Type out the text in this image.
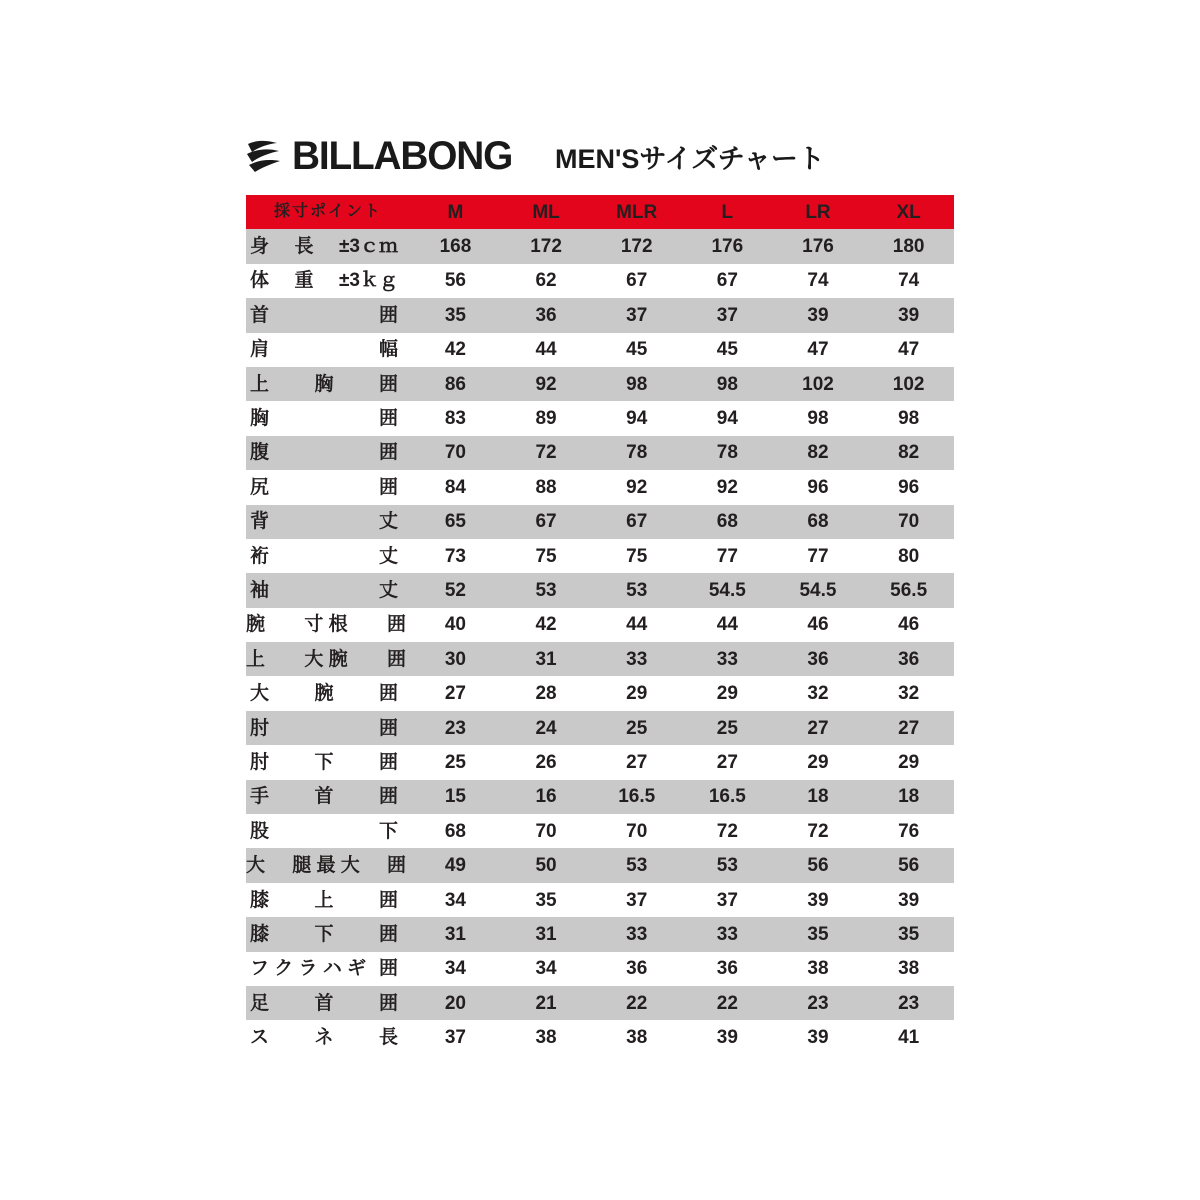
BILLABONG MEN'Sサイズチャート
採寸ポイント	M	ML	MLR	L	LR	XL

身 長 ±3ｃｍ	168	172	172	176	176	180

体 重 ±3ｋｇ	56	62	67	67	74	74

首 囲	35	36	37	37	39	39

肩 幅	42	44	45	45	47	47

上 胸 囲	86	92	98	98	102	102

胸 囲	83	89	94	94	98	98

腹 囲	70	72	78	78	82	82

尻 囲	84	88	92	92	96	96

背 丈	65	67	67	68	68	70

裄 丈	73	75	75	77	77	80

袖 丈	52	53	53	54.5	54.5	56.5

腕 寸 根 囲	40	42	44	44	46	46

上 大 腕 囲	30	31	33	33	36	36

大 腕 囲	27	28	29	29	32	32

肘 囲	23	24	25	25	27	27

肘 下 囲	25	26	27	27	29	29

手 首 囲	15	16	16.5	16.5	18	18

股 下	68	70	70	72	72	76

大 腿 最 大 囲	49	50	53	53	56	56

膝 上 囲	34	35	37	37	39	39

膝 下 囲	31	31	33	33	35	35

フ ク ラ ハ ギ 囲	34	34	36	36	38	38

足 首 囲	20	21	22	22	23	23

ス ネ 長	37	38	38	39	39	41
